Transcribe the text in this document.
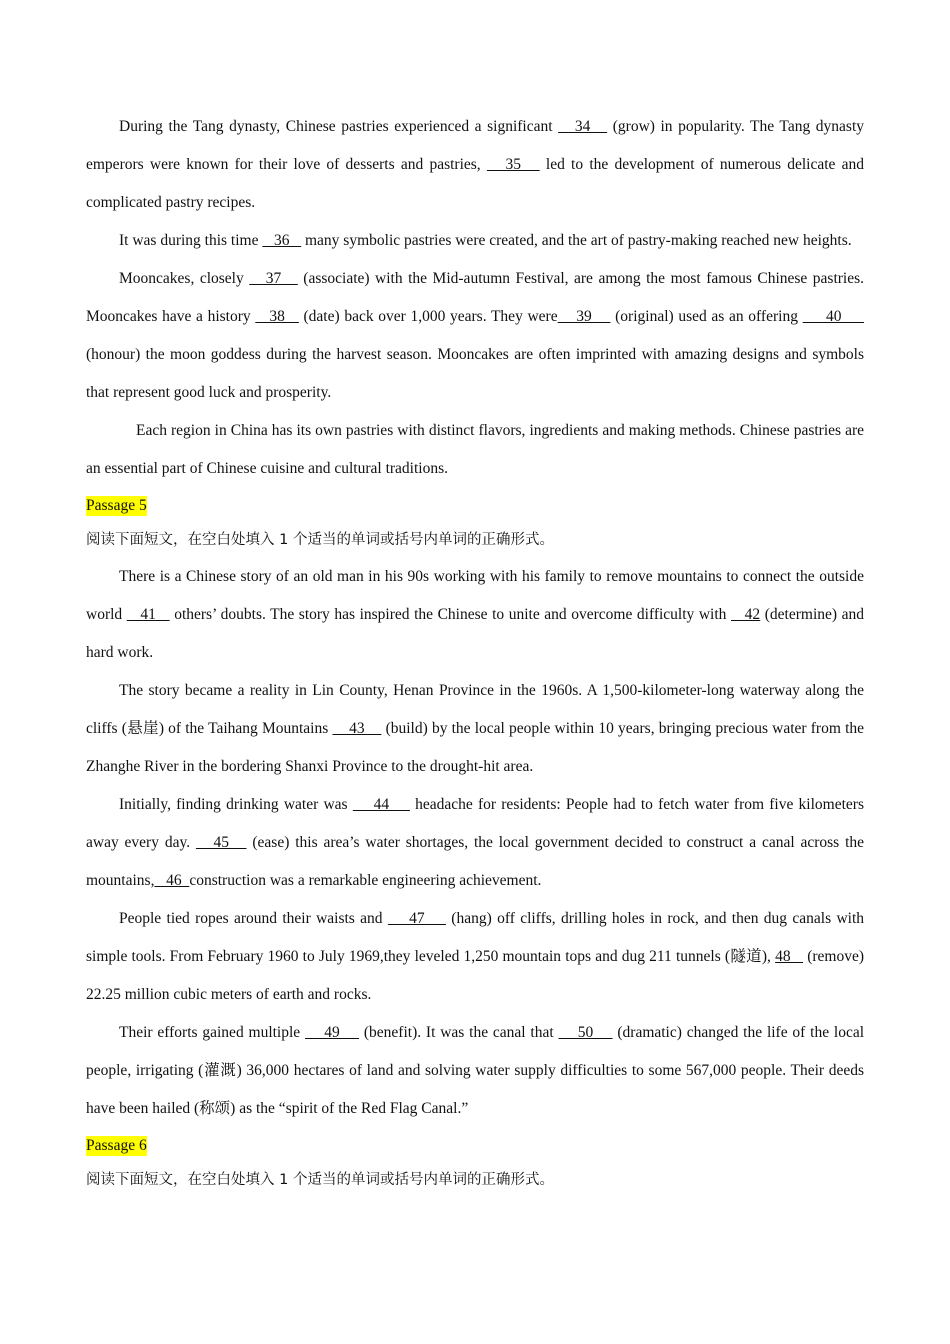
During the Tang dynasty, Chinese pastries experienced a significant    34    (grow) in popularity. The Tang dynasty emperors were known for their love of desserts and pastries,    35    led to the development of numerous delicate and complicated pastry recipes.

It was during this time    36    many symbolic pastries were created, and the art of pastry-making reached new heights.

Mooncakes, closely    37    (associate) with the Mid-autumn Festival, are among the most famous Chinese pastries. Mooncakes have a history    38    (date) back over 1,000 years. They were    39     (original) used as an offering      40      (honour) the moon goddess during the harvest season. Mooncakes are often imprinted with amazing designs and symbols that represent good luck and prosperity.

Each region in China has its own pastries with distinct flavors, ingredients and making methods. Chinese pastries are an essential part of Chinese cuisine and cultural traditions.

Passage 5

阅读下面短文，在空白处填入 1 个适当的单词或括号内单词的正确形式。

There is a Chinese story of an old man in his 90s working with his family to remove mountains to connect the outside world    41    others’ doubts. The story has inspired the Chinese to unite and overcome difficulty with    42 (determine) and hard work.

The story became a reality in Lin County, Henan Province in the 1960s. A 1,500-kilometer-long waterway along the cliffs (悬崖) of the Taihang Mountains     43     (build) by the local people within 10 years, bringing precious water from the Zhanghe River in the bordering Shanxi Province to the drought-hit area.

Initially, finding drinking water was     44     headache for residents: People had to fetch water from five kilometers away every day.    45    (ease) this area’s water shortages, the local government decided to construct a canal across the mountains,   46  construction was a remarkable engineering achievement.

People tied ropes around their waists and     47     (hang) off cliffs, drilling holes in rock, and then dug canals with simple tools. From February 1960 to July 1969,they leveled 1,250 mountain tops and dug 211 tunnels (隧道), 48    (remove) 22.25 million cubic meters of earth and rocks.

Their efforts gained multiple     49     (benefit). It was the canal that     50     (dramatic) changed the life of the local people, irrigating (灌溉) 36,000 hectares of land and solving water supply difficulties to some 567,000 people. Their deeds have been hailed (称颂) as the “spirit of the Red Flag Canal.”

Passage 6

阅读下面短文，在空白处填入 1 个适当的单词或括号内单词的正确形式。
